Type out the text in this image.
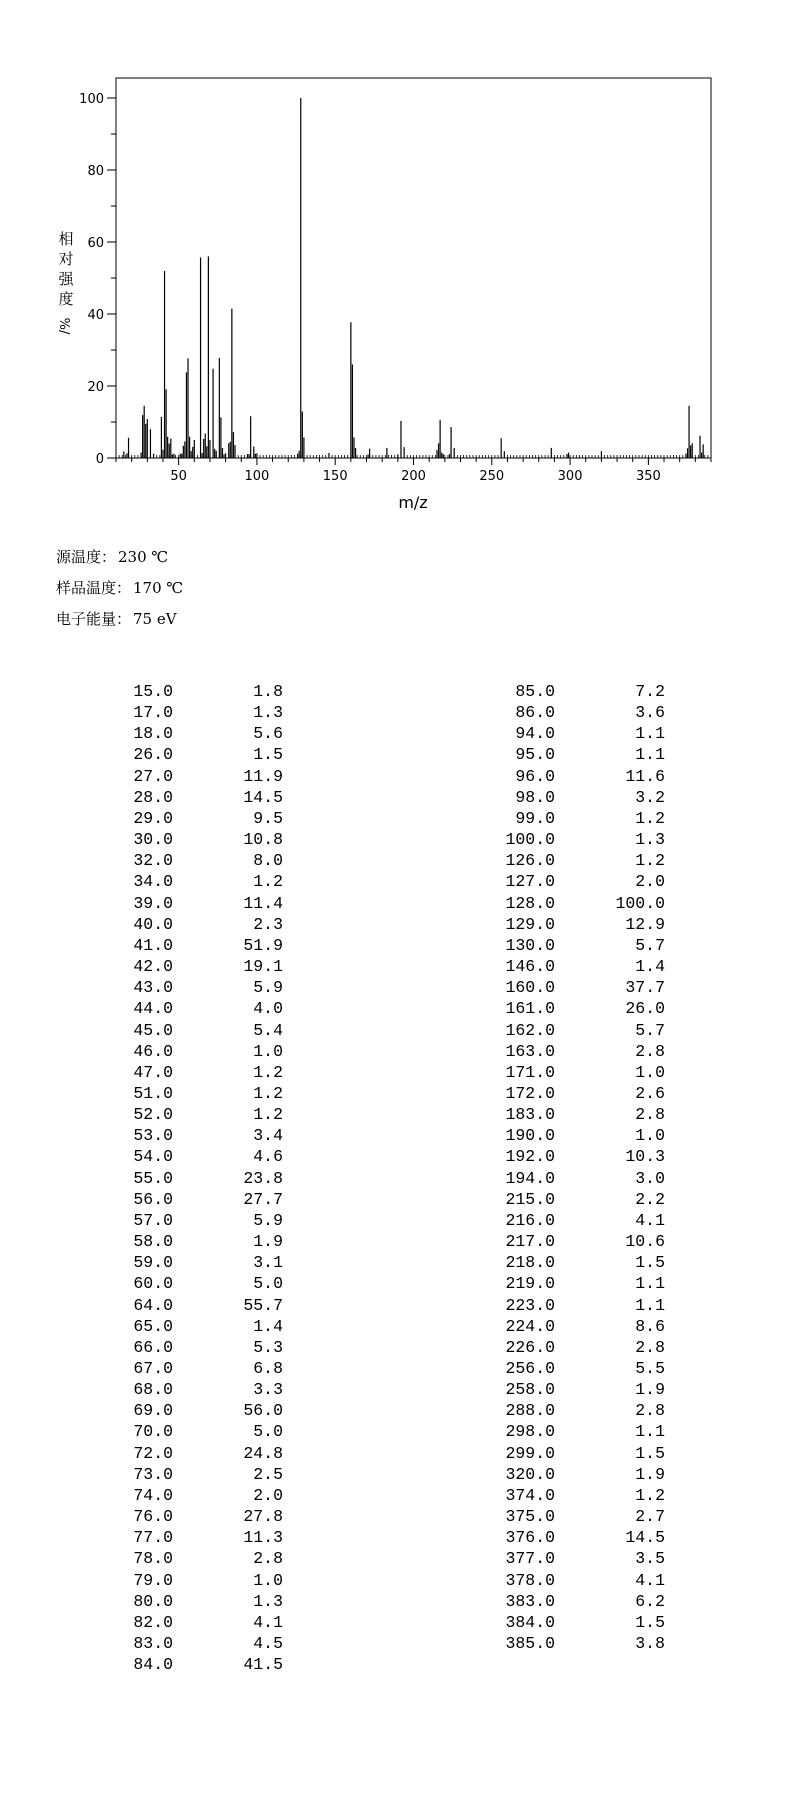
50	100	150	200	250	300	350
0
20
40
60
80
100
m/z
相
对
强
度
%/
源温度： 230 ℃
样品温度： 170 ℃
电子能量： 75 eV
15.0	1.8
17.0	1.3
18.0	5.6
26.0	1.5
27.0	11.9
28.0	14.5
29.0	9.5
30.0	10.8
32.0	8.0
34.0	1.2
39.0	11.4
40.0	2.3
41.0	51.9
42.0	19.1
43.0	5.9
44.0	4.0
45.0	5.4
46.0	1.0
47.0	1.2
51.0	1.2
52.0	1.2
53.0	3.4
54.0	4.6
55.0	23.8
56.0	27.7
57.0	5.9
58.0	1.9
59.0	3.1
60.0	5.0
64.0	55.7
65.0	1.4
66.0	5.3
67.0	6.8
68.0	3.3
69.0	56.0
70.0	5.0
72.0	24.8
73.0	2.5
74.0	2.0
76.0	27.8
77.0	11.3
78.0	2.8
79.0	1.0
80.0	1.3
82.0	4.1
83.0	4.5
84.0	41.5
85.0	7.2
86.0	3.6
94.0	1.1
95.0	1.1
96.0	11.6
98.0	3.2
99.0	1.2
100.0	1.3
126.0	1.2
127.0	2.0
128.0	100.0
129.0	12.9
130.0	5.7
146.0	1.4
160.0	37.7
161.0	26.0
162.0	5.7
163.0	2.8
171.0	1.0
172.0	2.6
183.0	2.8
190.0	1.0
192.0	10.3
194.0	3.0
215.0	2.2
216.0	4.1
217.0	10.6
218.0	1.5
219.0	1.1
223.0	1.1
224.0	8.6
226.0	2.8
256.0	5.5
258.0	1.9
288.0	2.8
298.0	1.1
299.0	1.5
320.0	1.9
374.0	1.2
375.0	2.7
376.0	14.5
377.0	3.5
378.0	4.1
383.0	6.2
384.0	1.5
385.0	3.8
